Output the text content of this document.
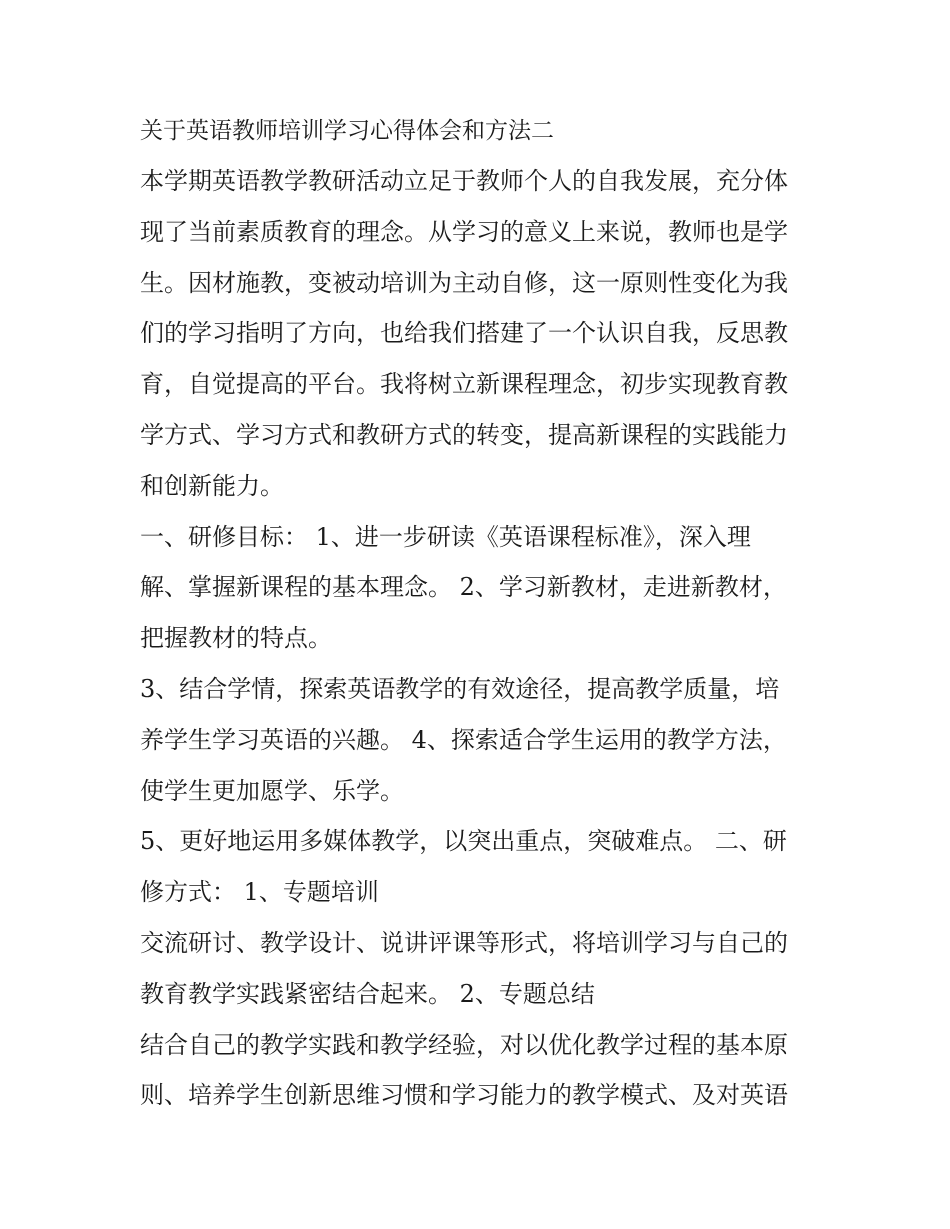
关于英语教师培训学习心得体会和方法二

本学期英语教学教研活动立足于教师个人的自我发展，充分体

现了当前素质教育的理念。从学习的意义上来说，教师也是学

生。因材施教，变被动培训为主动自修，这一原则性变化为我

们的学习指明了方向，也给我们搭建了一个认识自我，反思教

育，自觉提高的平台。我将树立新课程理念，初步实现教育教

学方式、学习方式和教研方式的转变，提高新课程的实践能力

和创新能力。

一、研修目标： 1、进一步研读《英语课程标准》，深入理

解、掌握新课程的基本理念。 2、学习新教材，走进新教材，

把握教材的特点。

3、结合学情，探索英语教学的有效途径，提高教学质量，培

养学生学习英语的兴趣。 4、探索适合学生运用的教学方法，

使学生更加愿学、乐学。

5、更好地运用多媒体教学，以突出重点，突破难点。 二、研

修方式： 1、专题培训

交流研讨、教学设计、说讲评课等形式，将培训学习与自己的

教育教学实践紧密结合起来。 2、专题总结

结合自己的教学实践和教学经验，对以优化教学过程的基本原

则、培养学生创新思维习惯和学习能力的教学模式、及对英语
